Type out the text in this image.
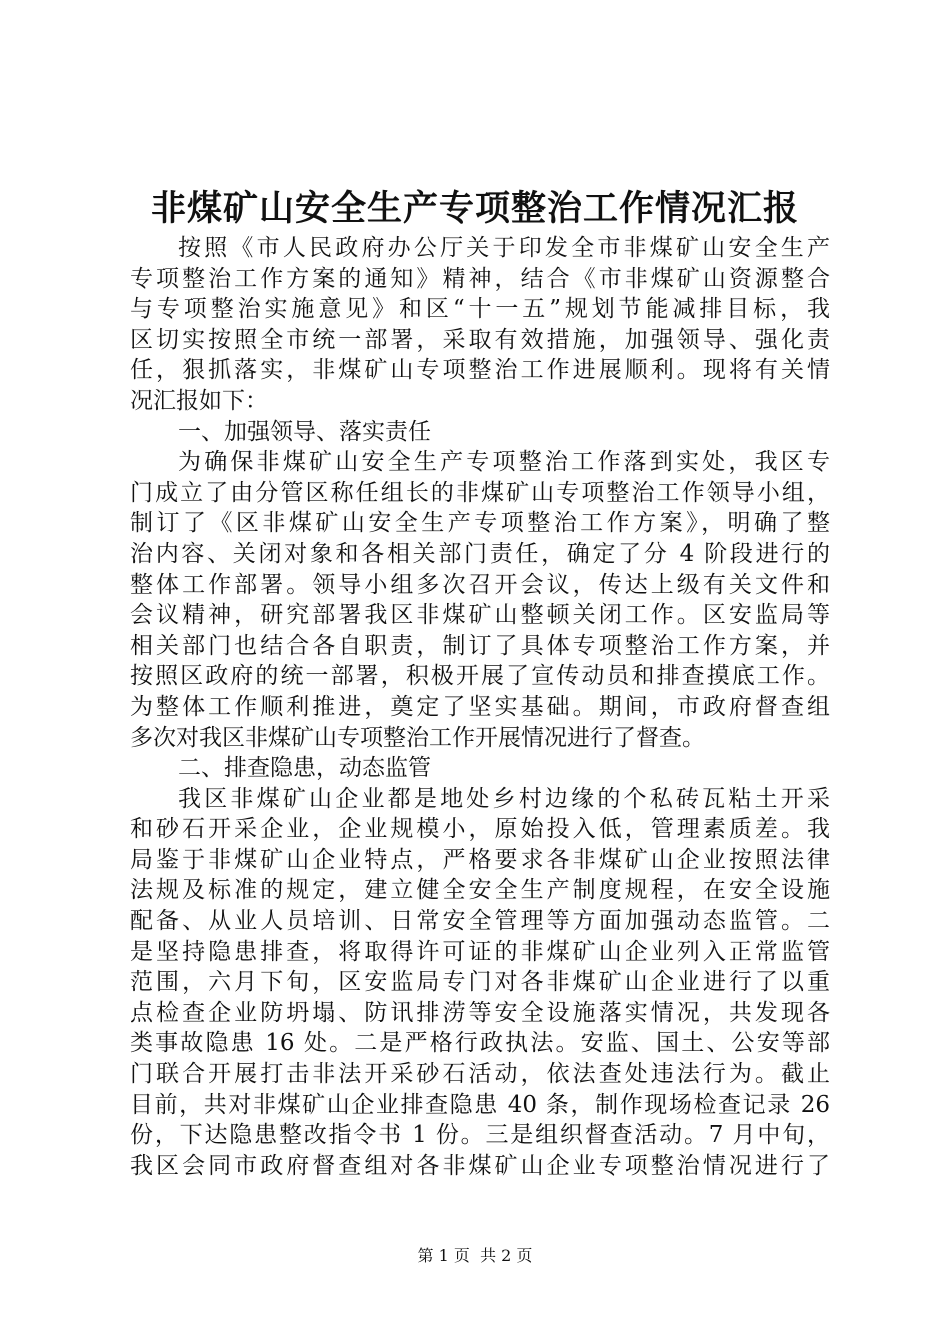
非煤矿山安全生产专项整治工作情况汇报
按照《市人民政府办公厅关于印发全市非煤矿山安全生产
专项整治工作方案的通知》精神，结合《市非煤矿山资源整合
与专项整治实施意见》和区“十一五”规划节能减排目标，我
区切实按照全市统一部署，采取有效措施，加强领导、强化责
任，狠抓落实，非煤矿山专项整治工作进展顺利。现将有关情
况汇报如下：
一、加强领导、落实责任
为确保非煤矿山安全生产专项整治工作落到实处，我区专
门成立了由分管区称任组长的非煤矿山专项整治工作领导小组，
制订了《区非煤矿山安全生产专项整治工作方案》，明确了整
治内容、关闭对象和各相关部门责任，确定了分 4 阶段进行的
整体工作部署。领导小组多次召开会议，传达上级有关文件和
会议精神，研究部署我区非煤矿山整顿关闭工作。区安监局等
相关部门也结合各自职责，制订了具体专项整治工作方案，并
按照区政府的统一部署，积极开展了宣传动员和排查摸底工作。
为整体工作顺利推进，奠定了坚实基础。期间，市政府督查组
多次对我区非煤矿山专项整治工作开展情况进行了督查。
二、排查隐患，动态监管
我区非煤矿山企业都是地处乡村边缘的个私砖瓦粘土开采
和砂石开采企业，企业规模小，原始投入低，管理素质差。我
局鉴于非煤矿山企业特点，严格要求各非煤矿山企业按照法律
法规及标准的规定，建立健全安全生产制度规程，在安全设施
配备、从业人员培训、日常安全管理等方面加强动态监管。二
是坚持隐患排查，将取得许可证的非煤矿山企业列入正常监管
范围，六月下旬，区安监局专门对各非煤矿山企业进行了以重
点检查企业防坍塌、防讯排涝等安全设施落实情况，共发现各
类事故隐患 16 处。二是严格行政执法。安监、国土、公安等部
门联合开展打击非法开采砂石活动，依法查处违法行为。截止
目前，共对非煤矿山企业排查隐患 40 条，制作现场检查记录 26
份，下达隐患整改指令书 1 份。三是组织督查活动。7 月中旬，
我区会同市政府督查组对各非煤矿山企业专项整治情况进行了
第 1 页  共 2 页
